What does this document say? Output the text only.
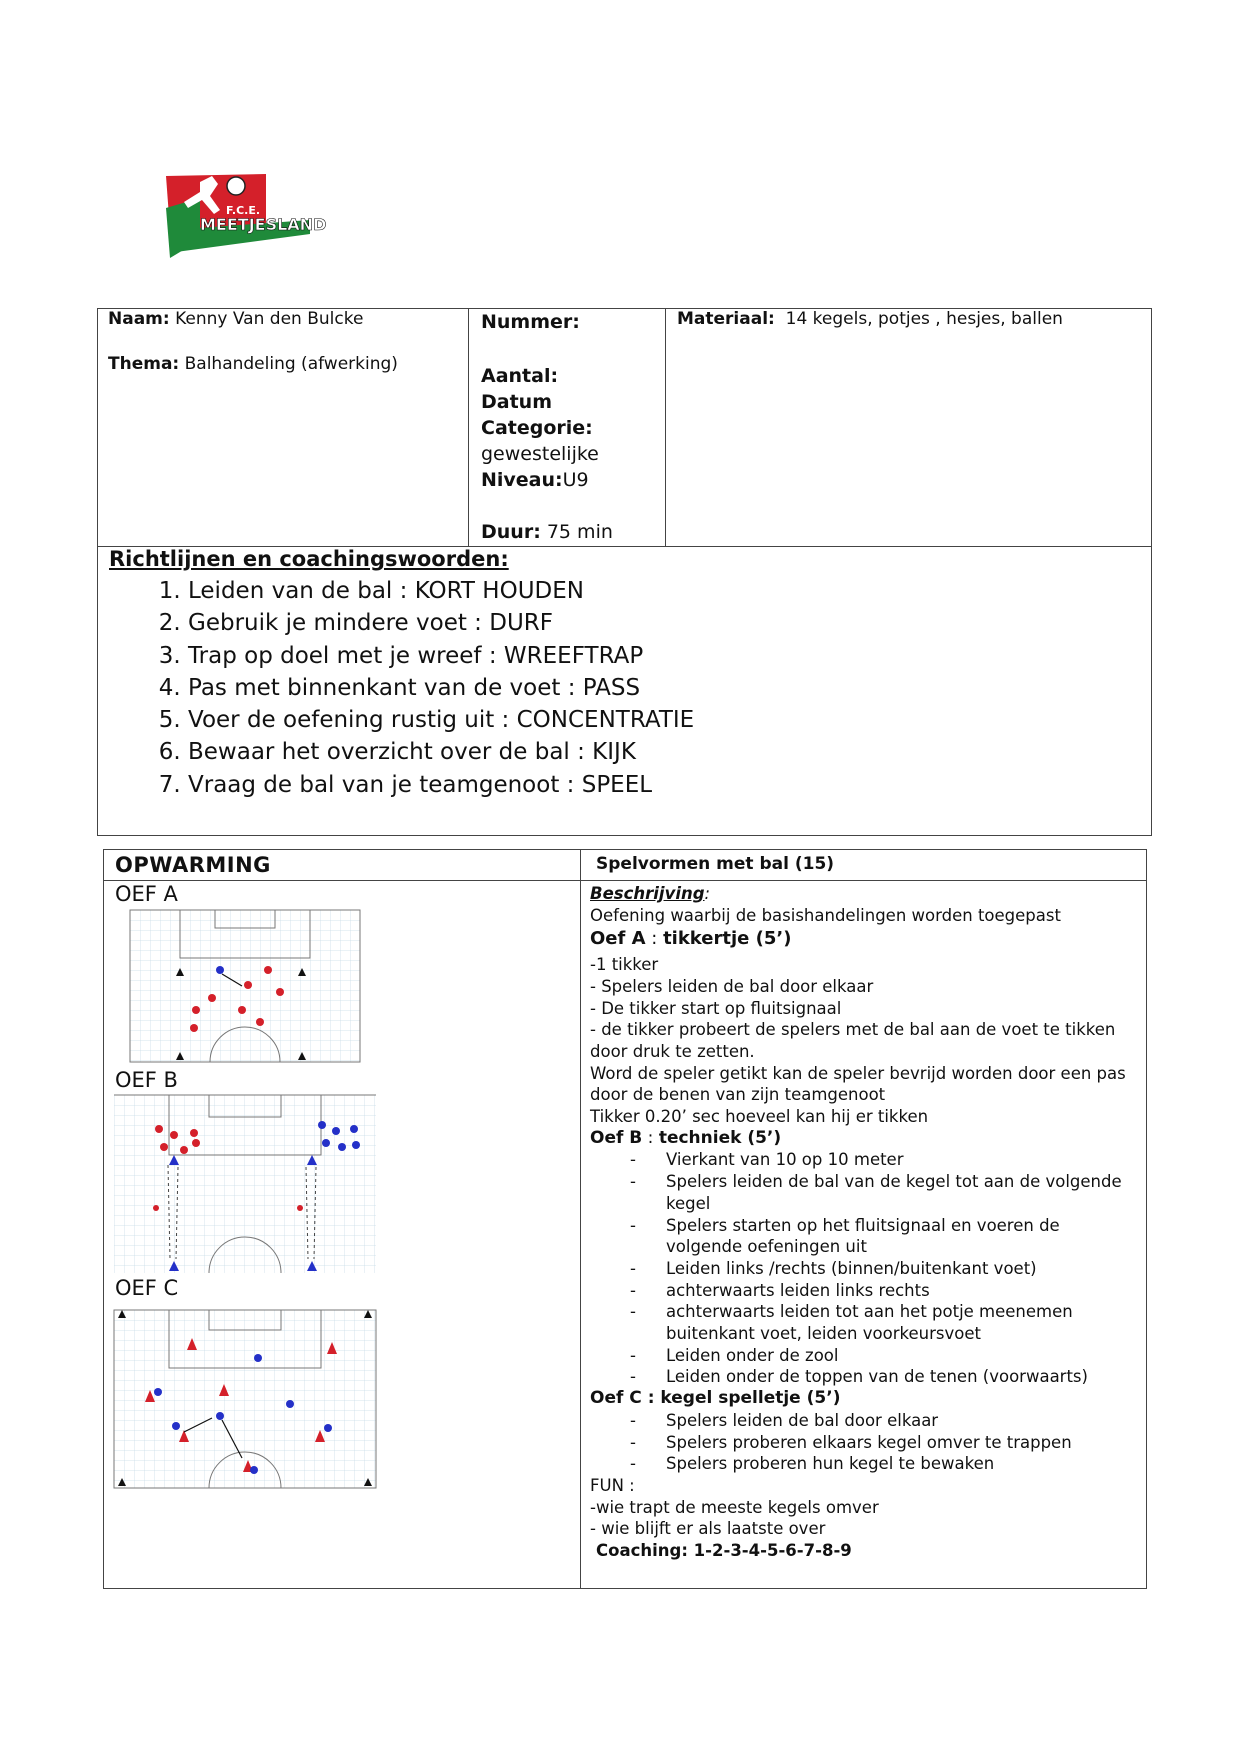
F.C.E.
MEETJESLAND
Naam: Kenny Van den Bulcke
Thema: Balhandeling (afwerking)

Nummer:
Aantal:
Datum
Categorie:
gewestelijke
Niveau:U9
Duur: 75 min
	Materiaal: 14 kegels, potjes , hesjes, ballen
Richtlijnen en coachingswoorden:
1. Leiden van de bal : KORT HOUDEN
2. Gebruik je mindere voet : DURF
3. Trap op doel met je wreef : WREEFTRAP
4. Pas met binnenkant van de voet : PASS
5. Voer de oefening rustig uit : CONCENTRATIE
6. Bewaar het overzicht over de bal : KIJK
7. Vraag de bal van je teamgenoot : SPEEL
OPWARMING	Spelvormen met bal (15)
OEF A
OEF B
OEF C

Beschrijving:

Oefening waarbij de basishandelingen worden toegepast

Oef A : tikkertje (5’)

-1 tikker

- Spelers leiden de bal door elkaar

- De tikker start op fluitsignaal

- de tikker probeert de spelers met de bal aan de voet te tikken door druk te zetten.

Word de speler getikt kan de speler bevrijd worden door een pas door de benen van zijn teamgenoot

Tikker 0.20’ sec hoeveel kan hij er tikken

Oef B : techniek (5’)

- Vierkant van 10 op 10 meter

- Spelers leiden de bal van de kegel tot aan de volgende kegel

- Spelers starten op het fluitsignaal en voeren de volgende oefeningen uit

- Leiden links /rechts (binnen/buitenkant voet)

- achterwaarts leiden links rechts

- achterwaarts leiden tot aan het potje meenemen buitenkant voet, leiden voorkeursvoet

- Leiden onder de zool

- Leiden onder de toppen van de tenen (voorwaarts)

Oef C : kegel spelletje (5’)

- Spelers leiden de bal door elkaar

- Spelers proberen elkaars kegel omver te trappen

- Spelers proberen hun kegel te bewaken

FUN :

-wie trapt de meeste kegels omver

- wie blijft er als laatste over

Coaching: 1-2-3-4-5-6-7-8-9
